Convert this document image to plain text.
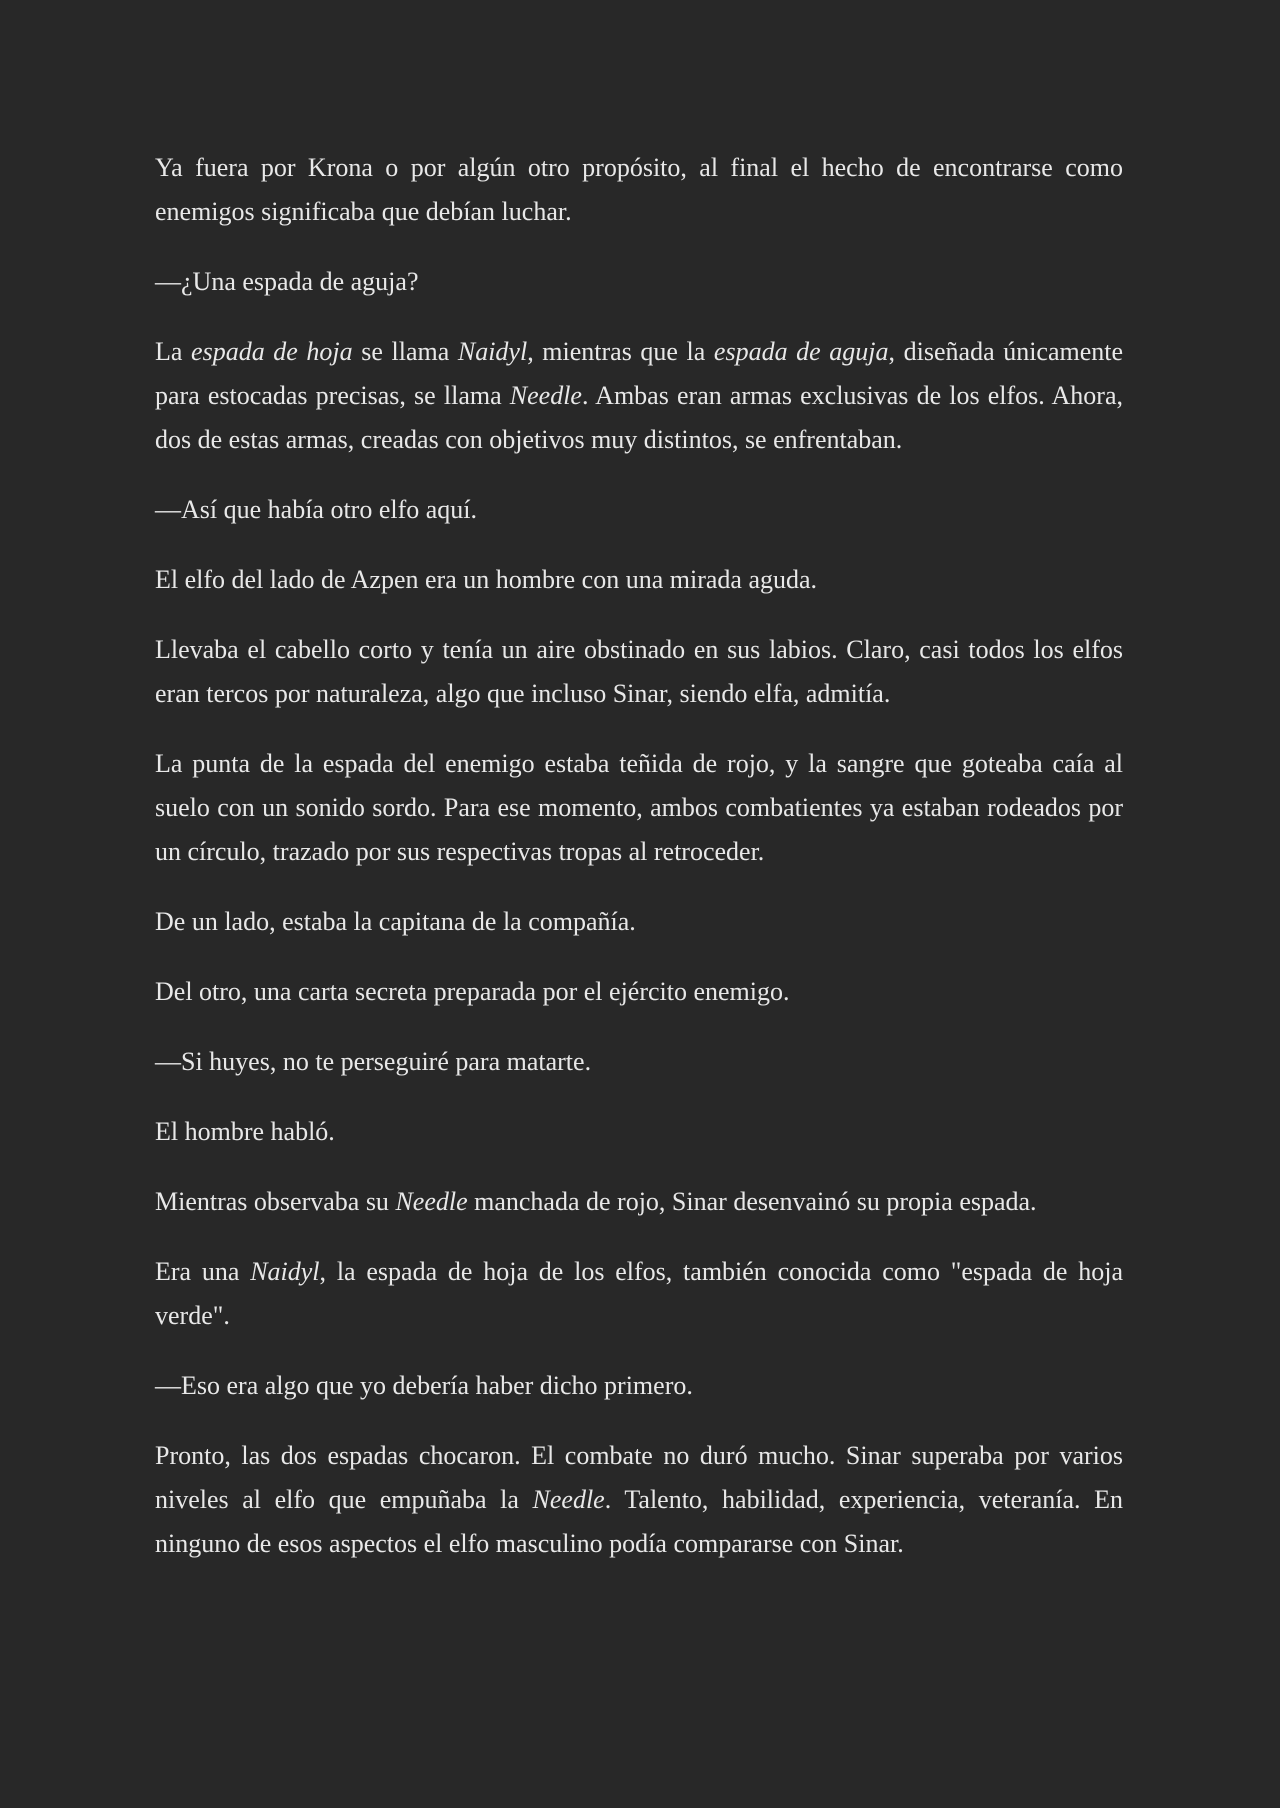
Ya fuera por Krona o por algún otro propósito, al final el hecho de encontrarse como enemigos significaba que debían luchar.

—¿Una espada de aguja?

La espada de hoja se llama Naidyl, mientras que la espada de aguja, diseñada únicamente para estocadas precisas, se llama Needle. Ambas eran armas exclusivas de los elfos. Ahora, dos de estas armas, creadas con objetivos muy distintos, se enfrentaban.

—Así que había otro elfo aquí.

El elfo del lado de Azpen era un hombre con una mirada aguda.

Llevaba el cabello corto y tenía un aire obstinado en sus labios. Claro, casi todos los elfos eran tercos por naturaleza, algo que incluso Sinar, siendo elfa, admitía.

La punta de la espada del enemigo estaba teñida de rojo, y la sangre que goteaba caía al suelo con un sonido sordo. Para ese momento, ambos combatientes ya estaban rodeados por un círculo, trazado por sus respectivas tropas al retroceder.

De un lado, estaba la capitana de la compañía.

Del otro, una carta secreta preparada por el ejército enemigo.

—Si huyes, no te perseguiré para matarte.

El hombre habló.

Mientras observaba su Needle manchada de rojo, Sinar desenvainó su propia espada.

Era una Naidyl, la espada de hoja de los elfos, también conocida como "espada de hoja verde".

—Eso era algo que yo debería haber dicho primero.

Pronto, las dos espadas chocaron. El combate no duró mucho. Sinar superaba por varios niveles al elfo que empuñaba la Needle. Talento, habilidad, experiencia, veteranía. En ninguno de esos aspectos el elfo masculino podía compararse con Sinar.
